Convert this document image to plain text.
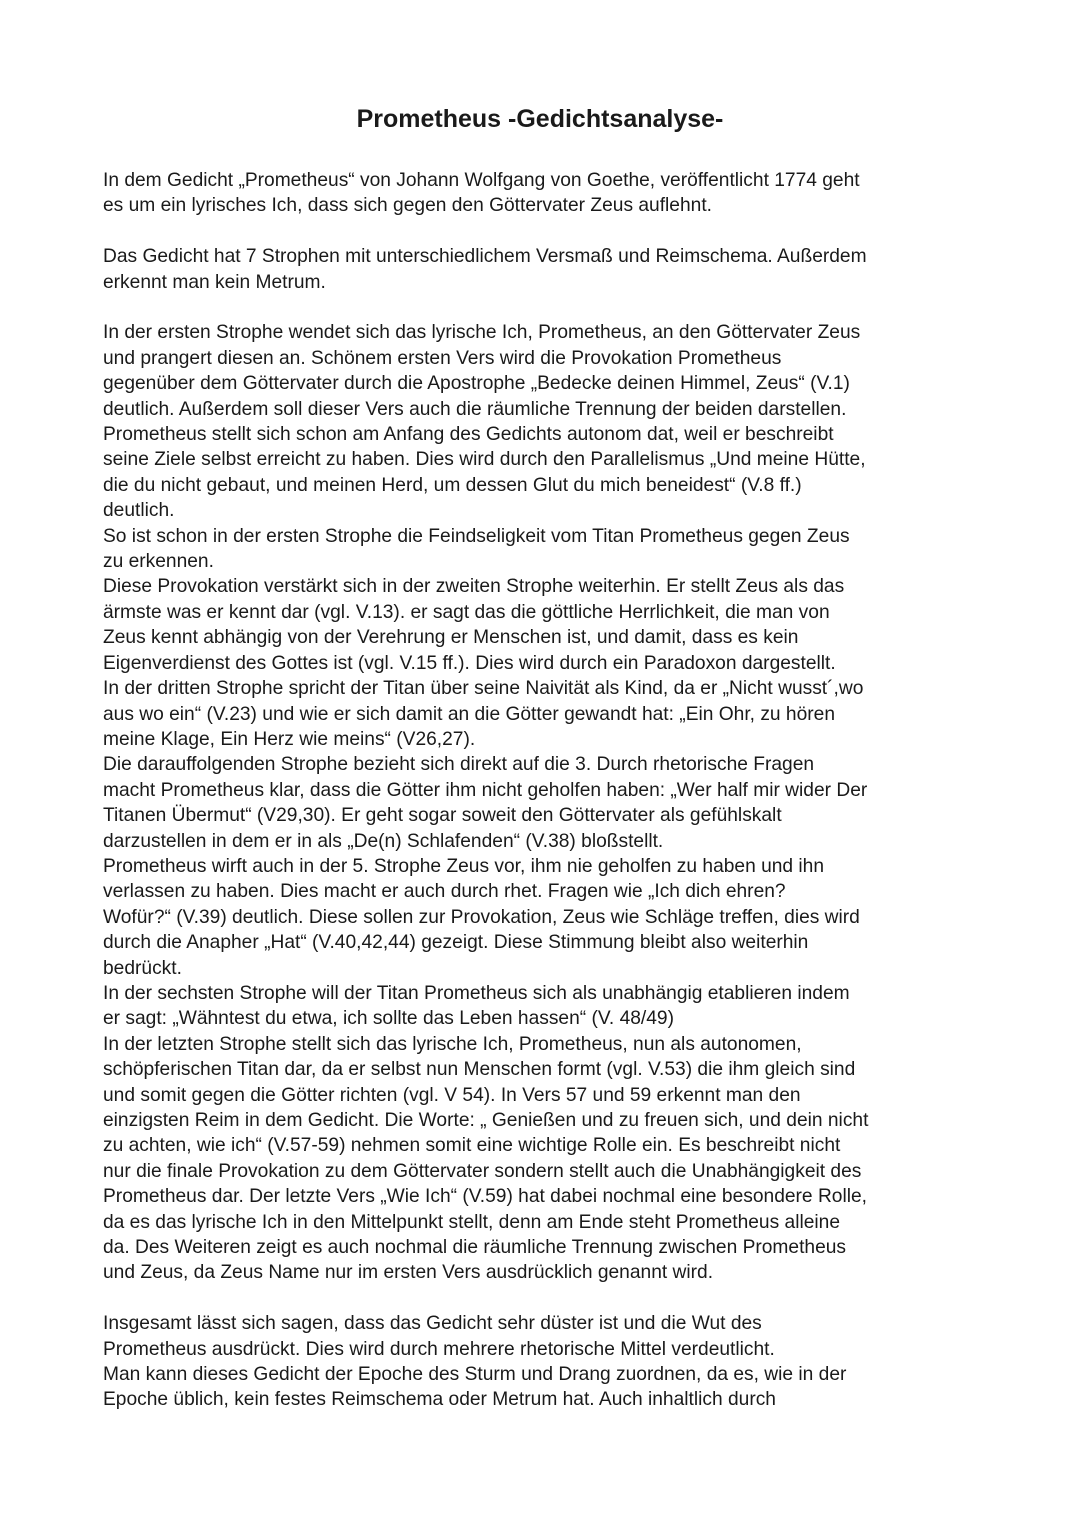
Prometheus -Gedichtsanalyse-

In dem Gedicht „Prometheus“ von Johann Wolfgang von Goethe, veröffentlicht 1774 geht
es um ein lyrisches Ich, dass sich gegen den Göttervater Zeus auflehnt.

Das Gedicht hat 7 Strophen mit unterschiedlichem Versmaß und Reimschema. Außerdem
erkennt man kein Metrum.

In der ersten Strophe wendet sich das lyrische Ich, Prometheus, an den Göttervater Zeus
und prangert diesen an. Schönem ersten Vers wird die Provokation Prometheus
gegenüber dem Göttervater durch die Apostrophe „Bedecke deinen Himmel, Zeus“ (V.1)
deutlich. Außerdem soll dieser Vers auch die räumliche Trennung der beiden darstellen.
Prometheus stellt sich schon am Anfang des Gedichts autonom dat, weil er beschreibt
seine Ziele selbst erreicht zu haben. Dies wird durch den Parallelismus „Und meine Hütte,
die du nicht gebaut, und meinen Herd, um dessen Glut du mich beneidest“ (V.8 ff.)
deutlich.
So ist schon in der ersten Strophe die Feindseligkeit vom Titan Prometheus gegen Zeus
zu erkennen.
Diese Provokation verstärkt sich in der zweiten Strophe weiterhin. Er stellt Zeus als das
ärmste was er kennt dar (vgl. V.13). er sagt das die göttliche Herrlichkeit, die man von
Zeus kennt abhängig von der Verehrung er Menschen ist, und damit, dass es kein
Eigenverdienst des Gottes ist (vgl. V.15 ff.). Dies wird durch ein Paradoxon dargestellt.
In der dritten Strophe spricht der Titan über seine Naivität als Kind, da er „Nicht wusst´,wo
aus wo ein“ (V.23) und wie er sich damit an die Götter gewandt hat: „Ein Ohr, zu hören
meine Klage, Ein Herz wie meins“ (V26,27).
Die darauffolgenden Strophe bezieht sich direkt auf die 3. Durch rhetorische Fragen
macht Prometheus klar, dass die Götter ihm nicht geholfen haben: „Wer half mir wider Der
Titanen Übermut“ (V29,30). Er geht sogar soweit den Göttervater als gefühlskalt
darzustellen in dem er in als „De(n) Schlafenden“ (V.38) bloßstellt.
Prometheus wirft auch in der 5. Strophe Zeus vor, ihm nie geholfen zu haben und ihn
verlassen zu haben. Dies macht er auch durch rhet. Fragen wie „Ich dich ehren?
Wofür?“ (V.39) deutlich. Diese sollen zur Provokation, Zeus wie Schläge treffen, dies wird
durch die Anapher „Hat“ (V.40,42,44) gezeigt. Diese Stimmung bleibt also weiterhin
bedrückt.
In der sechsten Strophe will der Titan Prometheus sich als unabhängig etablieren indem
er sagt: „Wähntest du etwa, ich sollte das Leben hassen“ (V. 48/49)
In der letzten Strophe stellt sich das lyrische Ich, Prometheus, nun als autonomen,
schöpferischen Titan dar, da er selbst nun Menschen formt (vgl. V.53) die ihm gleich sind
und somit gegen die Götter richten (vgl. V 54). In Vers 57 und 59 erkennt man den
einzigsten Reim in dem Gedicht. Die Worte: „ Genießen und zu freuen sich, und dein nicht
zu achten, wie ich“ (V.57-59) nehmen somit eine wichtige Rolle ein. Es beschreibt nicht
nur die finale Provokation zu dem Göttervater sondern stellt auch die Unabhängigkeit des
Prometheus dar. Der letzte Vers „Wie Ich“ (V.59) hat dabei nochmal eine besondere Rolle,
da es das lyrische Ich in den Mittelpunkt stellt, denn am Ende steht Prometheus alleine
da. Des Weiteren zeigt es auch nochmal die räumliche Trennung zwischen Prometheus
und Zeus, da Zeus Name nur im ersten Vers ausdrücklich genannt wird.

Insgesamt lässt sich sagen, dass das Gedicht sehr düster ist und die Wut des
Prometheus ausdrückt. Dies wird durch mehrere rhetorische Mittel verdeutlicht.
Man kann dieses Gedicht der Epoche des Sturm und Drang zuordnen, da es, wie in der
Epoche üblich, kein festes Reimschema oder Metrum hat. Auch inhaltlich durch
